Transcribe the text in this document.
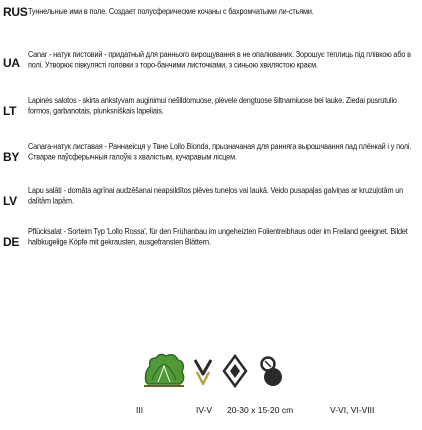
RUS Туннельные ими в поле. Создает полусферические кочаны с бахромчатыми ли-стьями.
UA
Canar - натук пистовий - придатный для раннього вирощування в не опалюваних. Зорошує теплиць під плівкою або в полі. Утворює півкулясті головки з торо-банчими листочками, з синьою хвилястою краєм.
LT
Lapinės salotos - skirta ankstyvam auginimui nešildomuose, plėvele dengtuose šiltnamiuose bei lauke. Ziedai pusrutulio formos, garbanotais, plunksniškais lapeliais.
BY
Canara-натук листавая - Раннаеісця у Твне Lollo Bionda, прызначаная для ранняга вырошчвання пад плёнкай і у полі. Стварае паўсферычныя галоўкі з хвалістым, кучаравым лісцем.
LV
Lapu salāti - domāta agrīnai audzēšanai neapsildītos plēves tuneļos vai laukā. Veido pusapaļas galviņas ar kruzuļotām un dalītām lapām.
DE
Pflücksalat - Sorteim Typ 'Lollo Rossa', für den Frühanbau im ungeheizten Folientreibhaus oder im Freiland geeignet. Bildet halbkugelige Köpfe mit gekrausten, ausgefransten Blättern.
III	IV-V 20-30 x 15-20 cm	V-VI, VI-VIII
